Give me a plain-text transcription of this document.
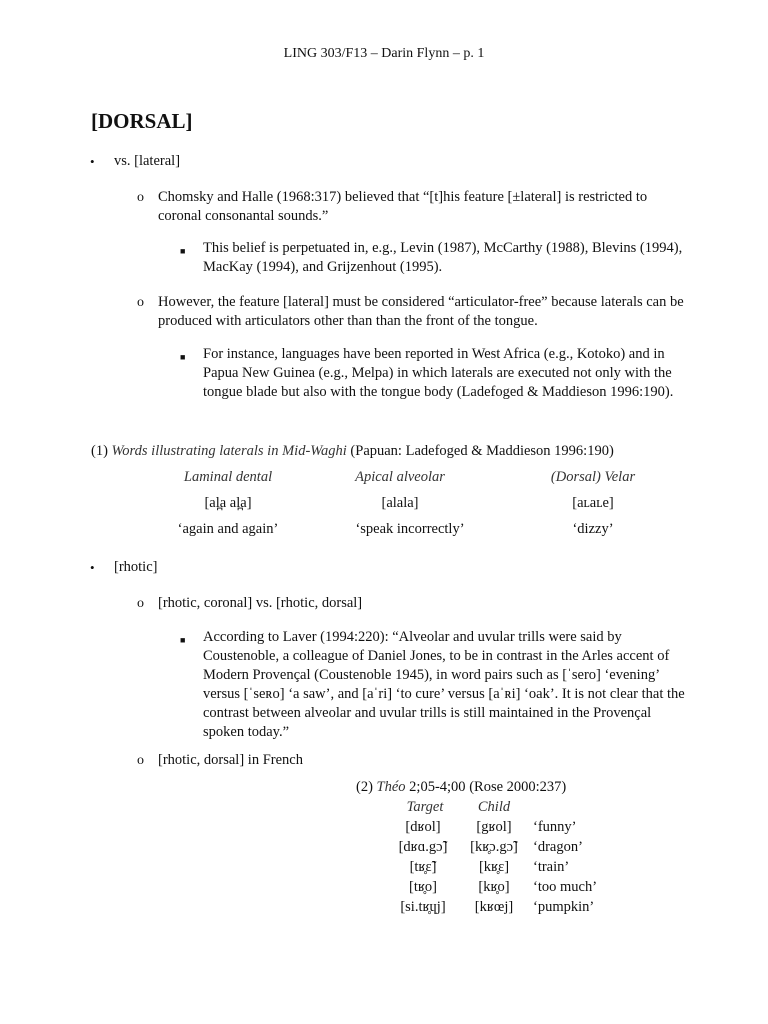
LING 303/F13 – Darin Flynn – p. 1
[DORSAL]
• vs. [lateral]
o Chomsky and Halle (1968:317) believed that “[t]his feature [±lateral] is restricted to coronal consonantal sounds.”
■ This belief is perpetuated in, e.g., Levin (1987), McCarthy (1988), Blevins (1994), MacKay (1994), and Grijzenhout (1995).
o However, the feature [lateral] must be considered “articulator-free” because laterals can be produced with articulators other than than the front of the tongue.
■ For instance, languages have been reported in West Africa (e.g., Kotoko) and in Papua New Guinea (e.g., Melpa) in which laterals are executed not only with the tongue blade but also with the tongue body (Ladefoged & Maddieson 1996:190).
(1) Words illustrating laterals in Mid-Waghi (Papuan: Ladefoged & Maddieson 1996:190)
Laminal dental	Apical alveolar	(Dorsal) Velar
[al̪a al̪a]	[alala]	[aʟaʟe]
‘again and again’	‘speak incorrectly’	‘dizzy’
• [rhotic]
o [rhotic, coronal] vs. [rhotic, dorsal]
■ According to Laver (1994:220): “Alveolar and uvular trills were said by Coustenoble, a colleague of Daniel Jones, to be in contrast in the Arles accent of Modern Provençal (Coustenoble 1945), in word pairs such as [ˈsero] ‘evening’ versus [ˈseʀo] ‘a saw’, and [aˈri] ‘to cure’ versus [aˈʀi] ‘oak’. It is not clear that the contrast between alveolar and uvular trills is still maintained in the Provençal spoken today.”
o [rhotic, dorsal] in French
(2) Théo 2;05-4;00 (Rose 2000:237)
Target	Child
[dʁol]	[gʁol]	‘funny’
[dʁɑ.gɔ̃]	[kʁ̥ɔ.gɔ̃] ‘dragon’
[tʁ̥ɛ̃]	[kʁ̥ɛ]	‘train’
[tʁ̥o]	[kʁ̥o]	‘too much’
[si.tʁ̥ɥj]	[kʁœj]	‘pumpkin’
